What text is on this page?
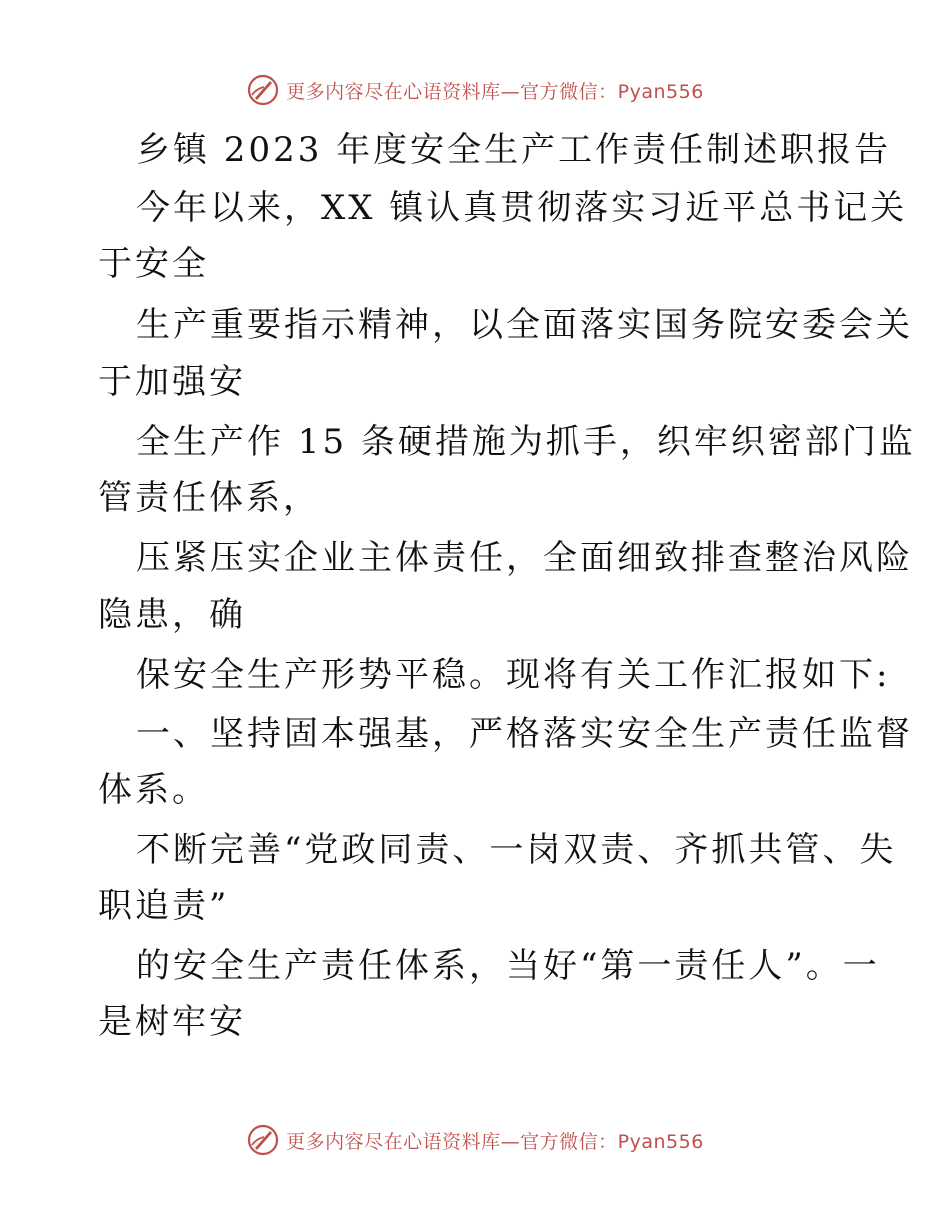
更多内容尽在心语资料库—官方微信：Pyan556
乡镇 2023 年度安全生产工作责任制述职报告
今年以来，XX 镇认真贯彻落实习近平总书记关
于安全
生产重要指示精神，以全面落实国务院安委会关
于加强安
全生产作 15 条硬措施为抓手，织牢织密部门监
管责任体系，
压紧压实企业主体责任，全面细致排查整治风险
隐患，确
保安全生产形势平稳。现将有关工作汇报如下:
一、坚持固本强基，严格落实安全生产责任监督
体系。
不断完善“党政同责、一岗双责、齐抓共管、失
职追责”
的安全生产责任体系，当好“第一责任人”。一
是树牢安
更多内容尽在心语资料库—官方微信：Pyan556
